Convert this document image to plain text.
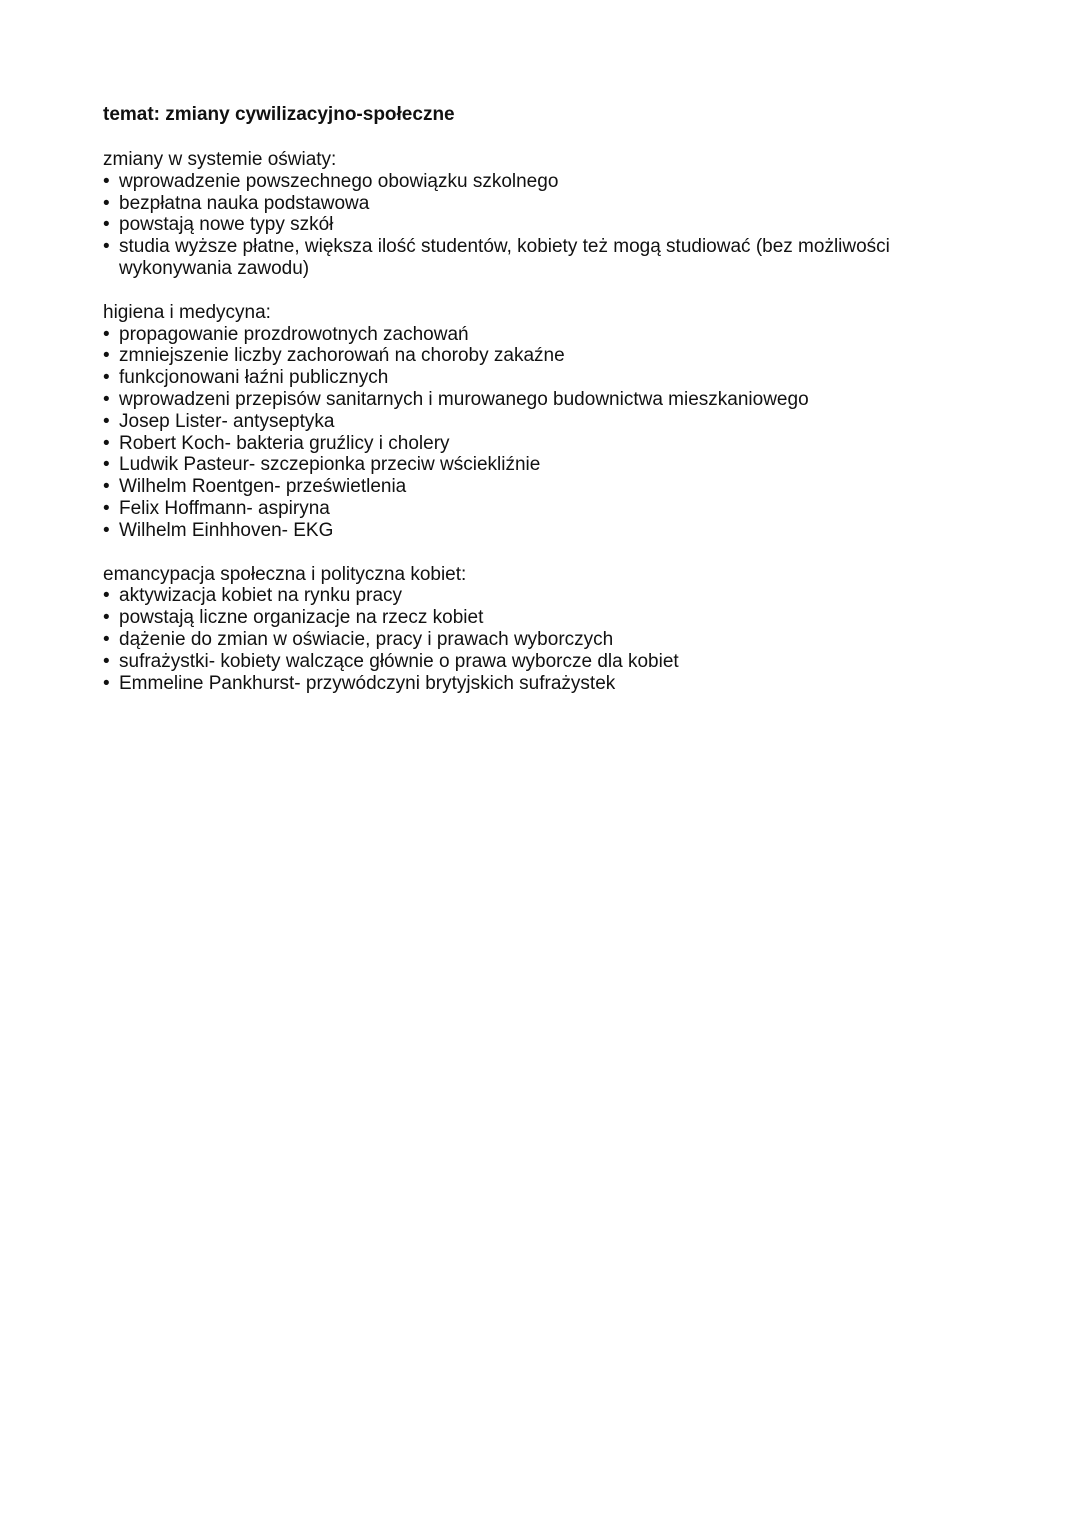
temat: zmiany cywilizacyjno-społeczne
zmiany w systemie oświaty:
• wprowadzenie powszechnego obowiązku szkolnego
• bezpłatna nauka podstawowa
• powstają nowe typy szkół
• studia wyższe płatne, większa ilość studentów, kobiety też mogą studiować (bez możliwości wykonywania zawodu)
higiena i medycyna:
• propagowanie prozdrowotnych zachowań
• zmniejszenie liczby zachorowań na choroby zakaźne
• funkcjonowani łaźni publicznych
• wprowadzeni przepisów sanitarnych i murowanego budownictwa mieszkaniowego
• Josep Lister- antyseptyka
• Robert Koch- bakteria gruźlicy i cholery
• Ludwik Pasteur- szczepionka przeciw wściekliźnie
• Wilhelm Roentgen- prześwietlenia
• Felix Hoffmann- aspiryna
• Wilhelm Einhhoven- EKG
emancypacja społeczna i polityczna kobiet:
• aktywizacja kobiet na rynku pracy
• powstają liczne organizacje na rzecz kobiet
• dążenie do zmian w oświacie, pracy i prawach wyborczych
• sufrażystki- kobiety walczące głównie o prawa wyborcze dla kobiet
• Emmeline Pankhurst- przywódczyni brytyjskich sufrażystek
